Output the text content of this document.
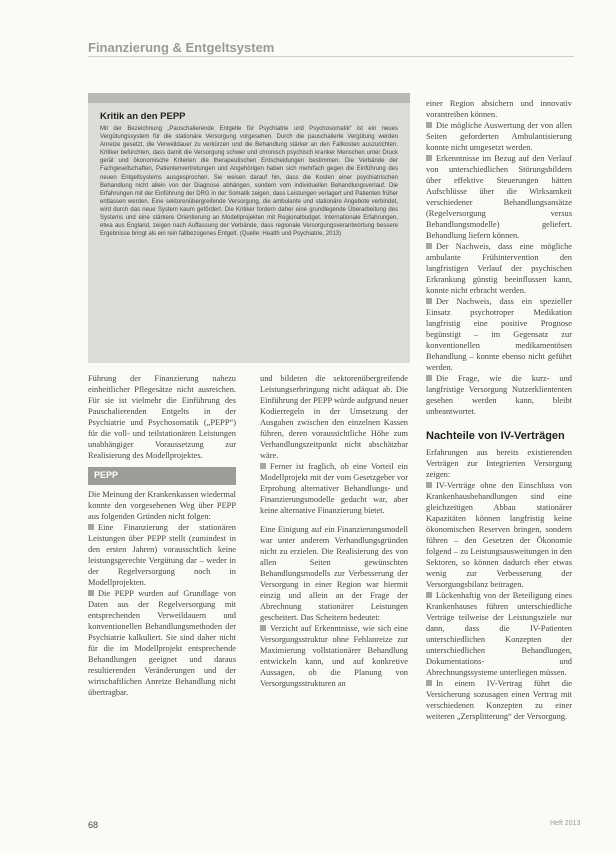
Finanzierung & Entgeltsystem
Kritik an den PEPP

Mit der Bezeichnung „Pauschalierende Entgelte für Psychiatrie und Psychosomatik“ ist ein neues Vergütungssystem für die stationäre Versorgung vorgesehen. Durch die pauschalierte Vergütung werden Anreize gesetzt, die Verweildauer zu verkürzen und die Behandlung stärker an den Fallkosten auszurichten. Kritiker befürchten, dass damit die Versorgung schwer und chronisch psychisch kranker Menschen unter Druck gerät und ökonomische Kriterien die therapeutischen Entscheidungen bestimmen. Die Verbände der Fachgesellschaften, Patientenvertretungen und Angehörigen haben sich mehrfach gegen die Einführung des neuen Entgeltsystems ausgesprochen. Sie weisen darauf hin, dass die Kosten einer psychiatrischen Behandlung nicht allein von der Diagnose abhängen, sondern vom individuellen Behandlungsverlauf. Die Erfahrungen mit der Einführung der DRG in der Somatik zeigen, dass Leistungen verlagert und Patienten früher entlassen werden. Eine sektorenübergreifende Versorgung, die ambulante und stationäre Angebote verbindet, wird durch das neue System kaum gefördert. Die Kritiker fordern daher eine grundlegende Überarbeitung des Systems und eine stärkere Orientierung an Modellprojekten mit Regionalbudget. Internationale Erfahrungen, etwa aus England, zeigen nach Auffassung der Verbände, dass regionale Versorgungsverantwortung bessere Ergebnisse bringt als ein rein fallbezogenes Entgelt. (Quelle: Health und Psychiatrie, 2013)

Führung der Finanzierung nahezu einheitlicher Pflegesätze nicht ausreichen. Für sie ist vielmehr die Einführung des Pauschalierenden Entgelts in der Psychiatrie und Psychosomatik („PEPP“) für die voll- und teilstationären Leistungen unabhängiger Voraussetzung zur Realisierung des Modellprojektes.

PEPP

Die Meinung der Krankenkassen wiedermal konnte den vorgesehenen Weg über PEPP aus folgenden Gründen nicht folgen:

Eine Finanzierung der stationären Leistungen über PEPP stellt (zumindest in den ersten Jahren) vorausschtlich keine leistungsgerechte Vergütung dar – weder in der Regelversorgung noch in Modellprojekten.

Die PEPP wurden auf Grundlage von Daten aus der Regelversorgung mit entsprechenden Verweildauern und konventionellen Behandlungsmethoden der Psychiatrie kalkuliert. Sie sind daher nicht für die im Modellprojekt entsprechende Behandlungen geeignet und daraus resultierenden Veränderungen und der wirtschaftlichen Anreize Behandlung nicht übertragbar.

und bildeten die sektorenübergreifende Leistungserbringung nicht adäquat ab. Die Einführung der PEPP würde aufgrund neuer Kodierregeln in der Umsetzung der Ausgaben zwischen den einzelnen Kassen führen, deren voraussichtliche Höhe zum Verhandlungszeitpunkt nicht abschätzbar wäre.

Ferner ist fraglich, ob eine Vorteil ein Modellprojekt mit der vom Gesetzgeber vor Erprobung alternativer Behandlungs- und Finanzierungsmodelle gedacht war, aber keine alternative Finanzierung bietet.

Eine Einigung auf ein Finanzierungsmodell war unter anderem Verhandlungsgründen nicht zu erzielen. Die Realisierung des von allen Seiten gewünschten Behandlungsmodells zur Verbesserung der Versorgung in einer Region war hiermit einzig und allein an der Frage der Abrechnung stationärer Leistungen gescheitert. Das Scheitern bedeutet:

Verzicht auf Erkenntnisse, wie sich eine Versorgungsstruktur ohne Fehlanreize zur Maximierung vollstationärer Behandlung entwickeln kann, und auf konkretive Aussagen, ob die Planung von Versorgungsstrukturen an

einer Region absichern und innovativ vorantreiben können.

Die mögliche Auswertung der von allen Seiten geforderten Ambulantisierung konnte nicht umgesetzt werden.

Erkenntnisse im Bezug auf den Verlauf von unterschiedlichen Störungsbildern über effektive Steuerungen hätten Aufschlüsse über die Wirksamkeit verschiedener Behandlungsansätze (Regelversorgung versus Behandlungsmodelle) geliefert. Behandlung liefern können.

Der Nachweis, dass eine mögliche ambulante Frühintervention den langfristigen Verlauf der psychischen Erkrankung günstig beeinflussen kann, konnte nicht erbracht werden.

Der Nachweis, dass ein spezieller Einsatz psychotroper Medikation langfristig eine positive Prognose begünstigt – im Gegensatz zur konventionellen medikamentösen Behandlung – konnte ebenso nicht geführt werden.

Die Frage, wie die kurz- und langfristige Versorgung Nutzerkliententen gesehen werden kann, bleibt unbeantwortet.

Nachteile von IV-Verträgen

Erfahrungen aus bereits existierenden Verträgen zur Integrierten Versorgung zeigen:

IV-Verträge ohne den Einschluss von Krankenhausbehandlungen sind eine gleichzeitigen Abbau stationärer Kapazitäten können langfristig keine ökonomischen Reserven bringen, sondern führen – den Gesetzen der Ökonomie folgend – zu Leistungsausweitungen in den Sektoren, so können dadurch eher etwas wenig zur Verbesserung der Versorgungsbilanz beitragen.

Lückenhaftig von der Beteiligung eines Krankenhauses führen unterschiedliche Verträge teilweise der Leistungsziele nur dann, dass die IV-Patienten unterschiedlichen Konzepten der unterschiedlichen Behandlungen, Dokumentations- und Abrechnungssysteme unterliegen müssen.

In einem IV-Vertrag führt die Versicherung sozusagen einen Vertrag mit verschiedenen Konzepten zu einer weiteren „Zersplitterung“ der Versorgung.

68	Heft 2013
